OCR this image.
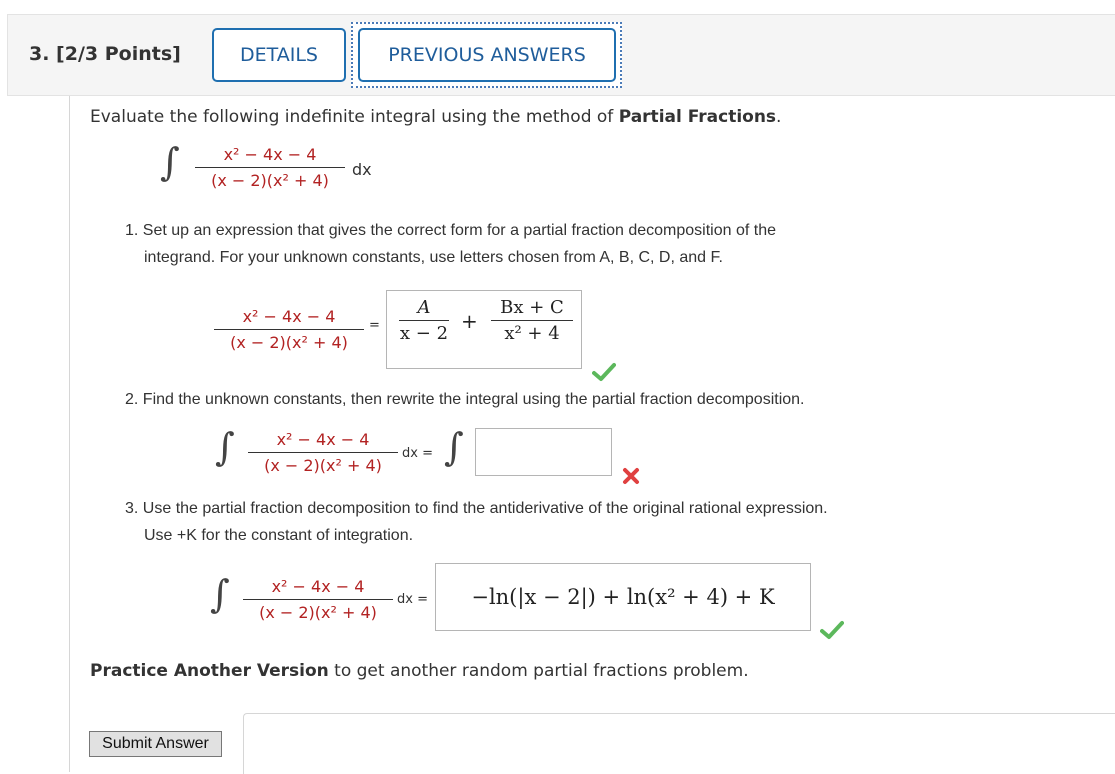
3. [2/3 Points]	DETAILS	PREVIOUS ANSWERS
Evaluate the following indefinite integral using the method of Partial Fractions.
∫	x² − 4x − 4
(x − 2)(x² + 4)
dx
1. Set up an expression that gives the correct form for a partial fraction decomposition of the
integrand. For your unknown constants, use letters chosen from A, B, C, D, and F.
x² − 4x − 4
(x − 2)(x² + 4)
=
A
x − 2
+
Bx + C
x² + 4
2. Find the unknown constants, then rewrite the integral using the partial fraction decomposition.
∫	x² − 4x − 4
(x − 2)(x² + 4)
dx = ∫
3. Use the partial fraction decomposition to find the antiderivative of the original rational expression.
Use +K for the constant of integration.
∫	x² − 4x − 4
(x − 2)(x² + 4)
dx = −ln(|x − 2|) + ln(x² + 4) + K
Practice Another Version to get another random partial fractions problem.
Submit Answer
